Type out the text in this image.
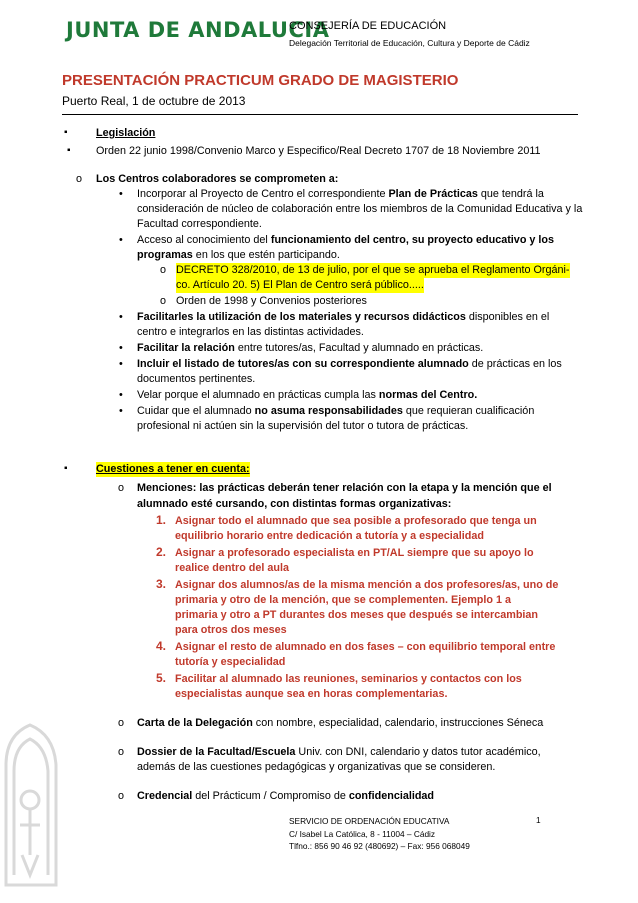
JUNTA DE ANDALUCIA
CONSEJERÍA DE EDUCACIÓN
Delegación Territorial de Educación, Cultura y Deporte de Cádiz
PRESENTACIÓN PRACTICUM GRADO DE MAGISTERIO
Puerto Real, 1 de octubre de 2013
▪	Legislación
▪ Orden 22 junio 1998/Convenio Marco y Especifico/Real Decreto 1707 de 18 Noviembre 2011
o Los Centros colaboradores se comprometen a:
• Incorporar al Proyecto de Centro el correspondiente Plan de Prácticas que tendrá la
consideración de núcleo de colaboración entre los miembros de la Comunidad Educativa y la
Facultad correspondiente.
• Acceso al conocimiento del funcionamiento del centro, su proyecto educativo y los
programas en los que estén participando.
o DECRETO 328/2010, de 13 de julio, por el que se aprueba el Reglamento Orgáni-
co. Artículo 20. 5) El Plan de Centro será público.....
o Orden de 1998 y Convenios posteriores
• Facilitarles la utilización de los materiales y recursos didácticos disponibles en el
centro e integrarlos en las distintas actividades.
• Facilitar la relación entre tutores/as, Facultad y alumnado en prácticas.
• Incluir el listado de tutores/as con su correspondiente alumnado de prácticas en los
documentos pertinentes.
• Velar porque el alumnado en prácticas cumpla las normas del Centro.
• Cuidar que el alumnado no asuma responsabilidades que requieran cualificación
profesional ni actúen sin la supervisión del tutor o tutora de prácticas.
▪	Cuestiones a tener en cuenta:
o Menciones: las prácticas deberán tener relación con la etapa y la mención que el
alumnado esté cursando, con distintas formas organizativas:
1. Asignar todo el alumnado que sea posible a profesorado que tenga un
equilibrio horario entre dedicación a tutoría y a especialidad
2. Asignar a profesorado especialista en PT/AL siempre que su apoyo lo
realice dentro del aula
3. Asignar dos alumnos/as de la misma mención a dos profesores/as, uno de
primaria y otro de la mención, que se complementen. Ejemplo 1 a
primaria y otro a PT durantes dos meses que después se intercambian
para otros dos meses
4. Asignar el resto de alumnado en dos fases – con equilibrio temporal entre
tutoría y especialidad
5. Facilitar al alumnado las reuniones, seminarios y contactos con los
especialistas aunque sea en horas complementarias.
o Carta de la Delegación con nombre, especialidad, calendario, instrucciones Séneca
o Dossier de la Facultad/Escuela Univ. con DNI, calendario y datos tutor académico,
además de las cuestiones pedagógicas y organizativas que se consideren.
o Credencial del Prácticum / Compromiso de confidencialidad
SERVICIO DE ORDENACIÓN EDUCATIVA
C/ Isabel La Católica, 8 - 11004 – Cádiz
Tlfno.: 856 90 46 92 (480692) – Fax: 956 068049
1
